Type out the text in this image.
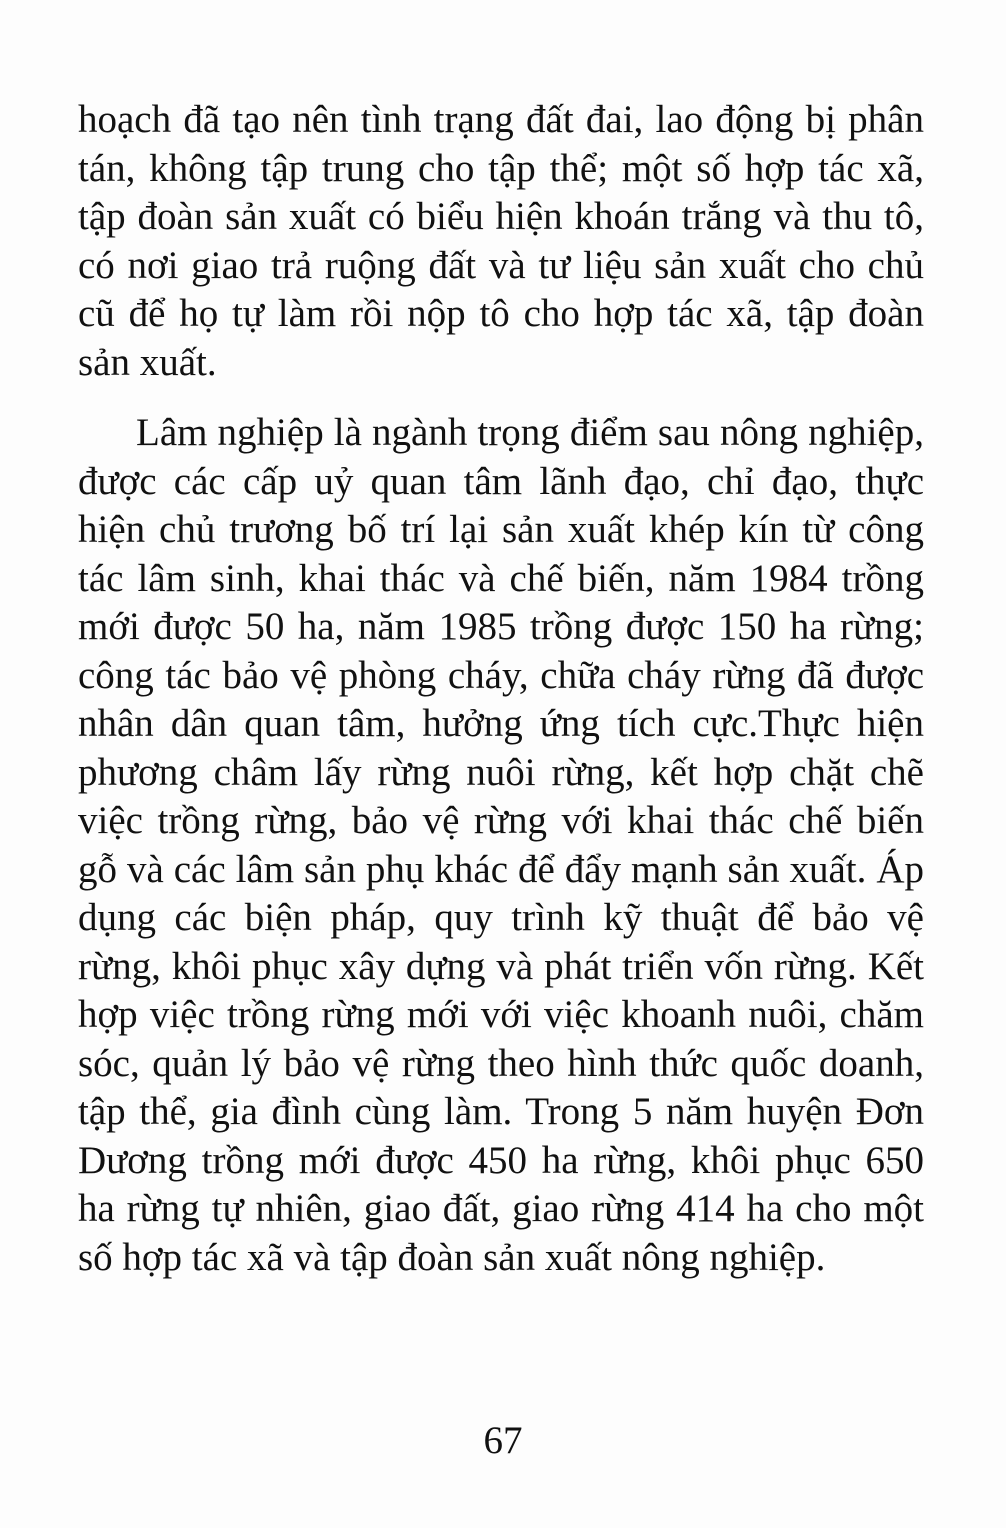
hoạch đã tạo nên tình trạng đất đai, lao động bị phân tán, không tập trung cho tập thể; một số hợp tác xã, tập đoàn sản xuất có biểu hiện khoán trắng và thu tô, có nơi giao trả ruộng đất và tư liệu sản xuất cho chủ cũ để họ tự làm rồi nộp tô cho hợp tác xã, tập đoàn sản xuất.

Lâm nghiệp là ngành trọng điểm sau nông nghiệp, được các cấp uỷ quan tâm lãnh đạo, chỉ đạo, thực hiện chủ trương bố trí lại sản xuất khép kín từ công tác lâm sinh, khai thác và chế biến, năm 1984 trồng mới được 50 ha, năm 1985 trồng được 150 ha rừng; công tác bảo vệ phòng cháy, chữa cháy rừng đã được nhân dân quan tâm, hưởng ứng tích cực.Thực hiện phương châm lấy rừng nuôi rừng, kết hợp chặt chẽ việc trồng rừng, bảo vệ rừng với khai thác chế biến gỗ và các lâm sản phụ khác để đẩy mạnh sản xuất. Áp dụng các biện pháp, quy trình kỹ thuật để bảo vệ rừng, khôi phục xây dựng và phát triển vốn rừng. Kết hợp việc trồng rừng mới với việc khoanh nuôi, chăm sóc, quản lý bảo vệ rừng theo hình thức quốc doanh, tập thể, gia đình cùng làm. Trong 5 năm huyện Đơn Dương trồng mới được 450 ha rừng, khôi phục 650 ha rừng tự nhiên, giao đất, giao rừng 414 ha cho một số hợp tác xã và tập đoàn sản xuất nông nghiệp.

67
